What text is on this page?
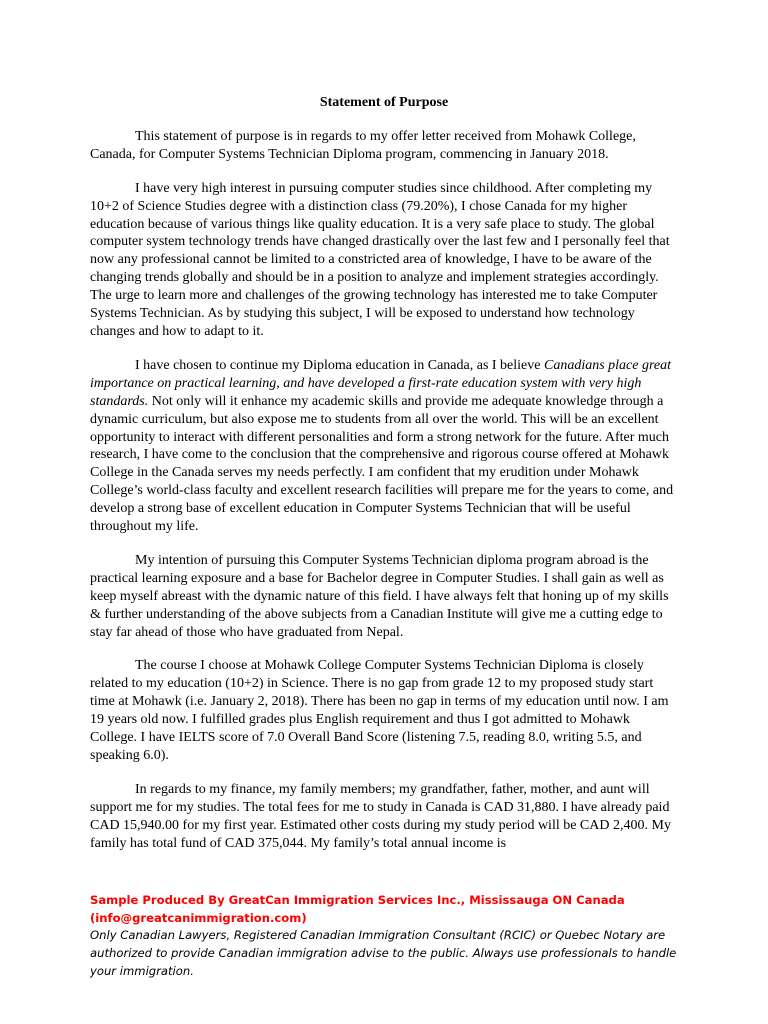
Statement of Purpose

This statement of purpose is in regards to my offer letter received from Mohawk College, Canada, for Computer Systems Technician Diploma program, commencing in January 2018.

I have very high interest in pursuing computer studies since childhood. After completing my 10+2 of Science Studies degree with a distinction class (79.20%), I chose Canada for my higher education because of various things like quality education. It is a very safe place to study. The global computer system technology trends have changed drastically over the last few and I personally feel that now any professional cannot be limited to a constricted area of knowledge, I have to be aware of the changing trends globally and should be in a position to analyze and implement strategies accordingly. The urge to learn more and challenges of the growing technology has interested me to take Computer Systems Technician. As by studying this subject, I will be exposed to understand how technology changes and how to adapt to it.

I have chosen to continue my Diploma education in Canada, as I believe Canadians place great importance on practical learning, and have developed a first-rate education system with very high standards. Not only will it enhance my academic skills and provide me adequate knowledge through a dynamic curriculum, but also expose me to students from all over the world. This will be an excellent opportunity to interact with different personalities and form a strong network for the future. After much research, I have come to the conclusion that the comprehensive and rigorous course offered at Mohawk College in the Canada serves my needs perfectly. I am confident that my erudition under Mohawk College’s world-class faculty and excellent research facilities will prepare me for the years to come, and develop a strong base of excellent education in Computer Systems Technician that will be useful throughout my life.

My intention of pursuing this Computer Systems Technician diploma program abroad is the practical learning exposure and a base for Bachelor degree in Computer Studies. I shall gain as well as keep myself abreast with the dynamic nature of this field. I have always felt that honing up of my skills & further understanding of the above subjects from a Canadian Institute will give me a cutting edge to stay far ahead of those who have graduated from Nepal.

The course I choose at Mohawk College Computer Systems Technician Diploma is closely related to my education (10+2) in Science. There is no gap from grade 12 to my proposed study start time at Mohawk (i.e. January 2, 2018). There has been no gap in terms of my education until now. I am 19 years old now. I fulfilled grades plus English requirement and thus I got admitted to Mohawk College. I have IELTS score of 7.0 Overall Band Score (listening 7.5, reading 8.0, writing 5.5, and speaking 6.0).

In regards to my finance, my family members; my grandfather, father, mother, and aunt will support me for my studies. The total fees for me to study in Canada is CAD 31,880. I have already paid CAD 15,940.00 for my first year. Estimated other costs during my study period will be CAD 2,400. My family has total fund of CAD 375,044. My family’s total annual income is

Sample Produced By GreatCan Immigration Services Inc., Mississauga ON Canada (info@greatcanimmigration.com)
Only Canadian Lawyers, Registered Canadian Immigration Consultant (RCIC) or Quebec Notary are authorized to provide Canadian immigration advise to the public. Always use professionals to handle your immigration.
